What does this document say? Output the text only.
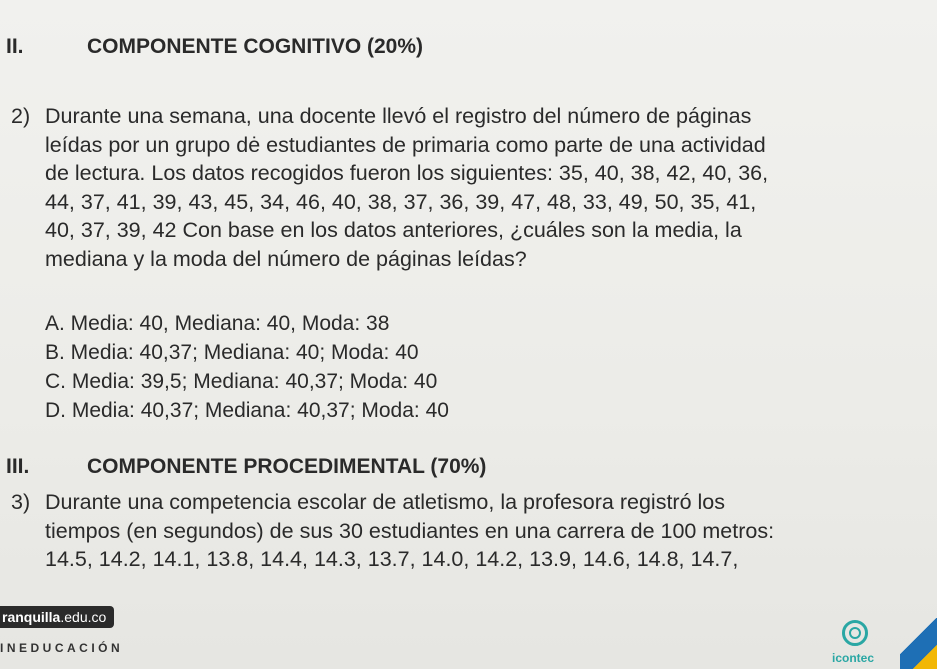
II.	COMPONENTE COGNITIVO (20%)
2) Durante una semana, una docente llevó el registro del número de páginas
leídas por un grupo dė estudiantes de primaria como parte de una actividad
de lectura. Los datos recogidos fueron los siguientes: 35, 40, 38, 42, 40, 36,
44, 37, 41, 39, 43, 45, 34, 46, 40, 38, 37, 36, 39, 47, 48, 33, 49, 50, 35, 41,
40, 37, 39, 42 Con base en los datos anteriores, ¿cuáles son la media, la
mediana y la moda del número de páginas leídas?
A. Media: 40, Mediana: 40, Moda: 38
B. Media: 40,37; Mediana: 40; Moda: 40
C. Media: 39,5; Mediana: 40,37; Moda: 40
D. Media: 40,37; Mediana: 40,37; Moda: 40
III.	COMPONENTE PROCEDIMENTAL (70%)
3) Durante una competencia escolar de atletismo, la profesora registró los
tiempos (en segundos) de sus 30 estudiantes en una carrera de 100 metros:
14.5, 14.2, 14.1, 13.8, 14.4, 14.3, 13.7, 14.0, 14.2, 13.9, 14.6, 14.8, 14.7,
ranquilla.edu.co
INEDUCACIÓN
icontec
